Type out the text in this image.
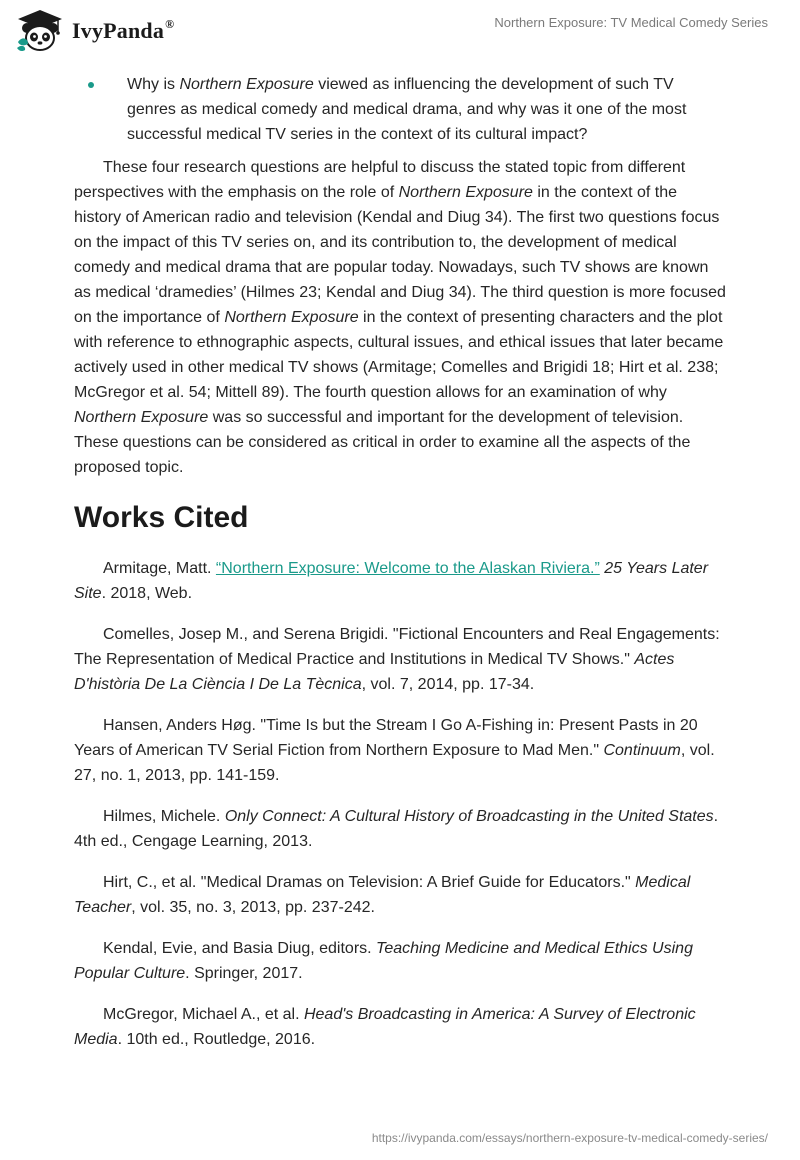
IvyPanda®	Northern Exposure: TV Medical Comedy Series
Why is Northern Exposure viewed as influencing the development of such TV genres as medical comedy and medical drama, and why was it one of the most successful medical TV series in the context of its cultural impact?

These four research questions are helpful to discuss the stated topic from different perspectives with the emphasis on the role of Northern Exposure in the context of the history of American radio and television (Kendal and Diug 34). The first two questions focus on the impact of this TV series on, and its contribution to, the development of medical comedy and medical drama that are popular today. Nowadays, such TV shows are known as medical ‘dramedies’ (Hilmes 23; Kendal and Diug 34). The third question is more focused on the importance of Northern Exposure in the context of presenting characters and the plot with reference to ethnographic aspects, cultural issues, and ethical issues that later became actively used in other medical TV shows (Armitage; Comelles and Brigidi 18; Hirt et al. 238; McGregor et al. 54; Mittell 89). The fourth question allows for an examination of why Northern Exposure was so successful and important for the development of television. These questions can be considered as critical in order to examine all the aspects of the proposed topic.

Works Cited

Armitage, Matt. “Northern Exposure: Welcome to the Alaskan Riviera.” 25 Years Later Site. 2018, Web.

Comelles, Josep M., and Serena Brigidi. "Fictional Encounters and Real Engagements: The Representation of Medical Practice and Institutions in Medical TV Shows." Actes D'història De La Ciència I De La Tècnica, vol. 7, 2014, pp. 17-34.

Hansen, Anders Høg. "Time Is but the Stream I Go A-Fishing in: Present Pasts in 20 Years of American TV Serial Fiction from Northern Exposure to Mad Men." Continuum, vol. 27, no. 1, 2013, pp. 141-159.

Hilmes, Michele. Only Connect: A Cultural History of Broadcasting in the United States. 4th ed., Cengage Learning, 2013.

Hirt, C., et al. "Medical Dramas on Television: A Brief Guide for Educators." Medical Teacher, vol. 35, no. 3, 2013, pp. 237-242.

Kendal, Evie, and Basia Diug, editors. Teaching Medicine and Medical Ethics Using Popular Culture. Springer, 2017.

McGregor, Michael A., et al. Head's Broadcasting in America: A Survey of Electronic Media. 10th ed., Routledge, 2016.

https://ivypanda.com/essays/northern-exposure-tv-medical-comedy-series/
